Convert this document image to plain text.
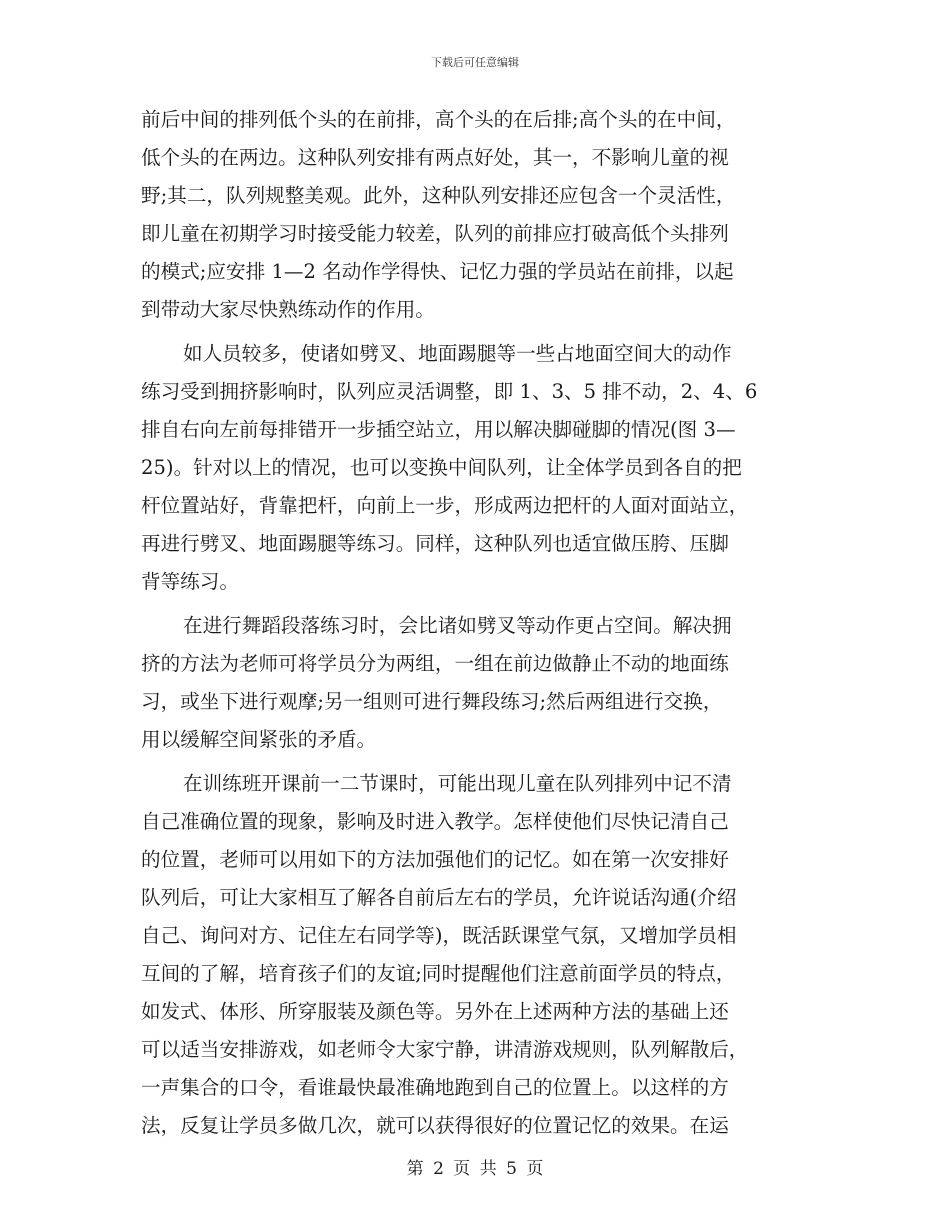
下载后可任意编辑
前后中间的排列低个头的在前排，高个头的在后排;高个头的在中间，
低个头的在两边。这种队列安排有两点好处，其一，不影响儿童的视
野;其二，队列规整美观。此外，这种队列安排还应包含一个灵活性，
即儿童在初期学习时接受能力较差，队列的前排应打破高低个头排列
的模式;应安排 1—2 名动作学得快、记忆力强的学员站在前排，以起
到带动大家尽快熟练动作的作用。
如人员较多，使诸如劈叉、地面踢腿等一些占地面空间大的动作
练习受到拥挤影响时，队列应灵活调整，即 1、3、5 排不动，2、4、6
排自右向左前每排错开一步插空站立，用以解决脚碰脚的情况(图 3—
25)。针对以上的情况，也可以变换中间队列，让全体学员到各自的把
杆位置站好，背靠把杆，向前上一步，形成两边把杆的人面对面站立，
再进行劈叉、地面踢腿等练习。同样，这种队列也适宜做压胯、压脚
背等练习。
在进行舞蹈段落练习时，会比诸如劈叉等动作更占空间。解决拥
挤的方法为老师可将学员分为两组，一组在前边做静止不动的地面练
习，或坐下进行观摩;另一组则可进行舞段练习;然后两组进行交换，
用以缓解空间紧张的矛盾。
在训练班开课前一二节课时，可能出现儿童在队列排列中记不清
自己准确位置的现象，影响及时进入教学。怎样使他们尽快记清自己
的位置，老师可以用如下的方法加强他们的记忆。如在第一次安排好
队列后，可让大家相互了解各自前后左右的学员，允许说话沟通(介绍
自己、询问对方、记住左右同学等)，既活跃课堂气氛，又增加学员相
互间的了解，培育孩子们的友谊;同时提醒他们注意前面学员的特点，
如发式、体形、所穿服装及颜色等。另外在上述两种方法的基础上还
可以适当安排游戏，如老师令大家宁静，讲清游戏规则，队列解散后，
一声集合的口令，看谁最快最准确地跑到自己的位置上。以这样的方
法，反复让学员多做几次，就可以获得很好的位置记忆的效果。在运
第 2 页 共 5 页
